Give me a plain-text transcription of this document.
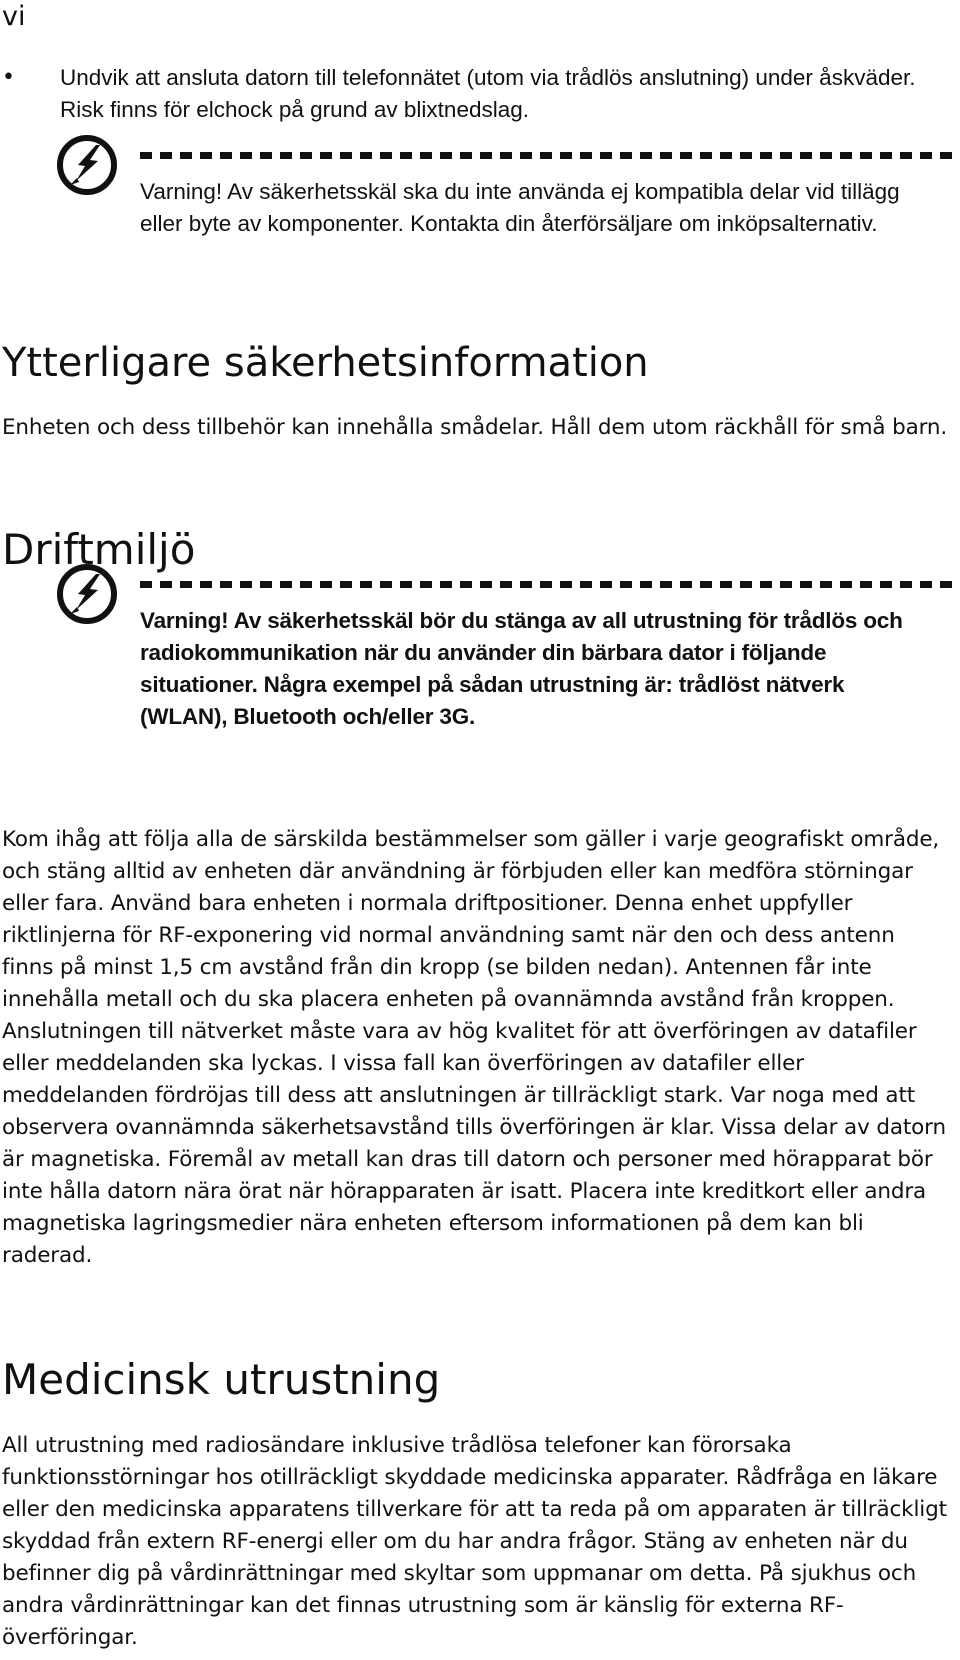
vi
• Undvik att ansluta datorn till telefonnätet (utom via trådlös anslutning) under åskväder. Risk finns för elchock på grund av blixtnedslag.
Varning! Av säkerhetsskäl ska du inte använda ej kompatibla delar vid tillägg eller byte av komponenter. Kontakta din återförsäljare om inköpsalternativ.
Ytterligare säkerhetsinformation

Enheten och dess tillbehör kan innehålla smådelar. Håll dem utom räckhåll för små barn.

Driftmiljö
Varning! Av säkerhetsskäl bör du stänga av all utrustning för trådlös och radiokommunikation när du använder din bärbara dator i följande situationer. Några exempel på sådan utrustning är: trådlöst nätverk (WLAN), Bluetooth och/eller 3G.

Kom ihåg att följa alla de särskilda bestämmelser som gäller i varje geografiskt område, och stäng alltid av enheten där användning är förbjuden eller kan medföra störningar eller fara. Använd bara enheten i normala driftpositioner. Denna enhet uppfyller riktlinjerna för RF-exponering vid normal användning samt när den och dess antenn finns på minst 1,5 cm avstånd från din kropp (se bilden nedan). Antennen får inte innehålla metall och du ska placera enheten på ovannämnda avstånd från kroppen. Anslutningen till nätverket måste vara av hög kvalitet för att överföringen av datafiler eller meddelanden ska lyckas. I vissa fall kan överföringen av datafiler eller meddelanden fördröjas till dess att anslutningen är tillräckligt stark. Var noga med att observera ovannämnda säkerhetsavstånd tills överföringen är klar. Vissa delar av datorn är magnetiska. Föremål av metall kan dras till datorn och personer med hörapparat bör inte hålla datorn nära örat när hörapparaten är isatt. Placera inte kreditkort eller andra magnetiska lagringsmedier nära enheten eftersom informationen på dem kan bli raderad.

Medicinsk utrustning

All utrustning med radiosändare inklusive trådlösa telefoner kan förorsaka funktionsstörningar hos otillräckligt skyddade medicinska apparater. Rådfråga en läkare eller den medicinska apparatens tillverkare för att ta reda på om apparaten är tillräckligt skyddad från extern RF-energi eller om du har andra frågor. Stäng av enheten när du befinner dig på vårdinrättningar med skyltar som uppmanar om detta. På sjukhus och andra vårdinrättningar kan det finnas utrustning som är känslig för externa RF-överföringar.
